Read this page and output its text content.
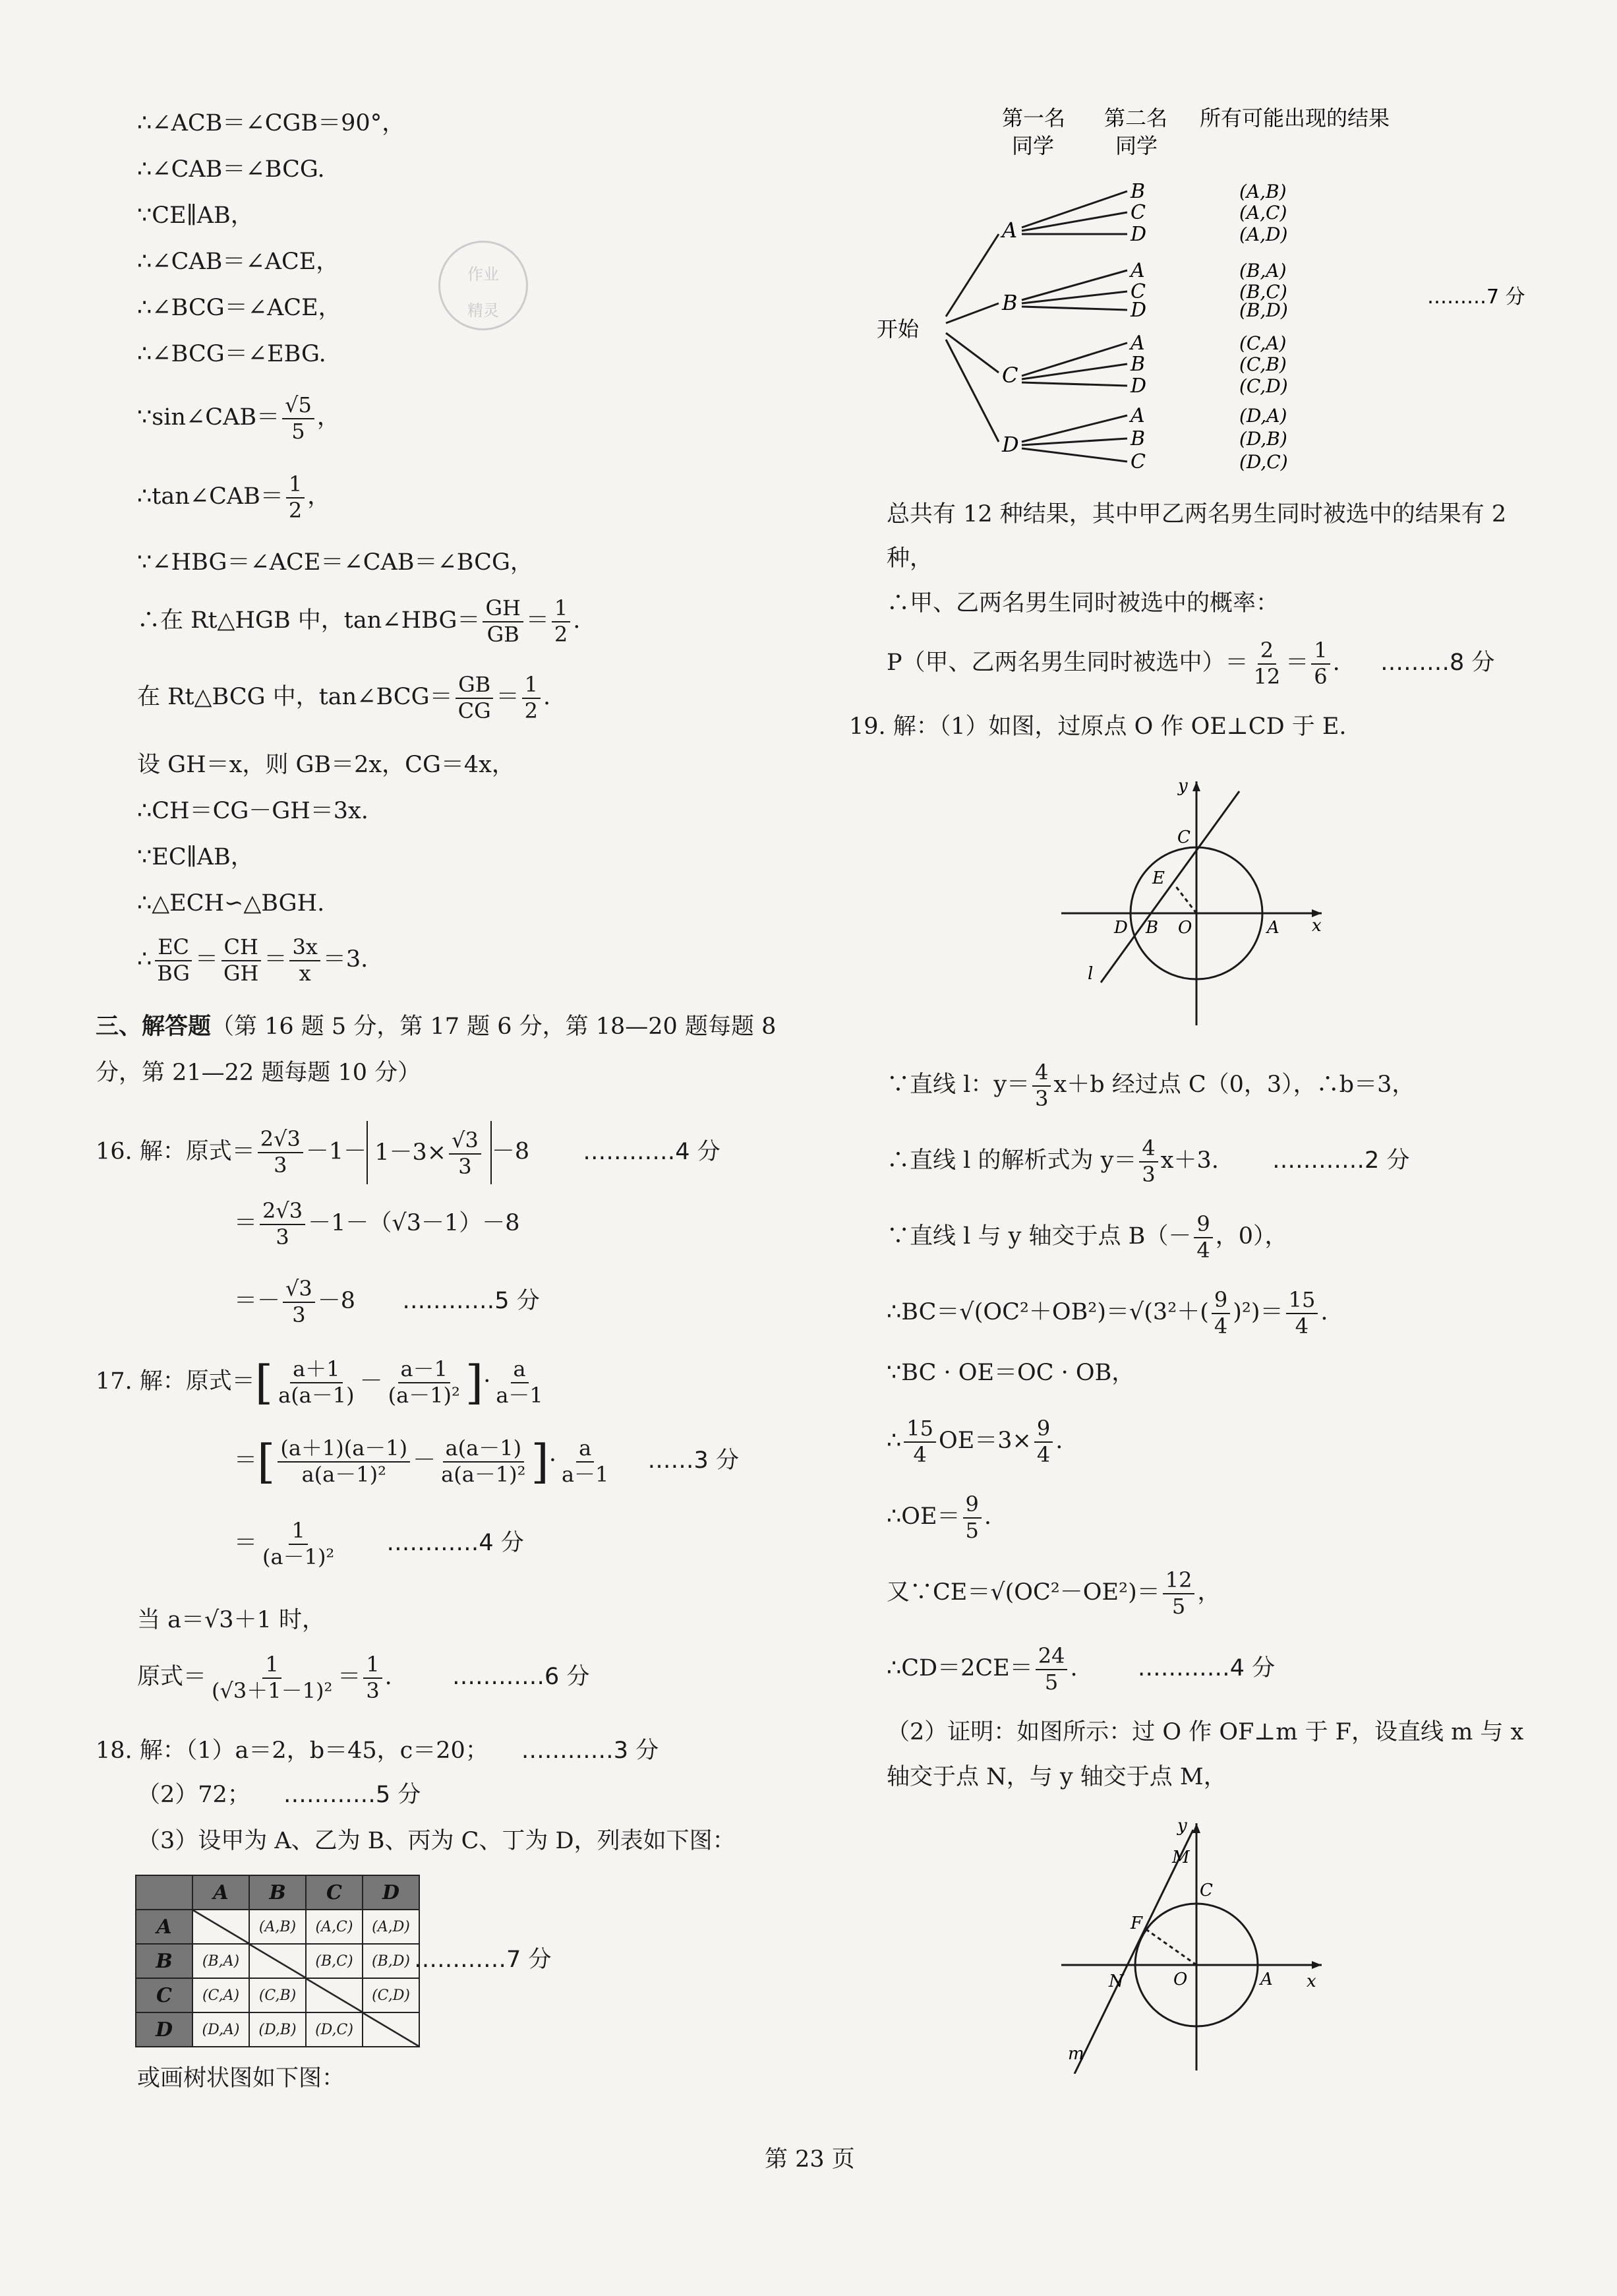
∴∠ACB＝∠CGB＝90°，
∴∠CAB＝∠BCG.
∵CE∥AB，
∴∠CAB＝∠ACE，
∴∠BCG＝∠ACE，
∴∠BCG＝∠EBG.
∵sin∠CAB＝ $\frac{√5}{5}$ ，
∴tan∠CAB＝ $\frac{1}{2}$ ，
∵∠HBG＝∠ACE＝∠CAB＝∠BCG，
∴在 Rt△HGB 中，tan∠HBG＝ $\frac{GH}{GB} = \frac{1}{2}$ .
在 Rt△BCG 中，tan∠BCG＝ $\frac{GB}{CG} = \frac{1}{2}$ .
设 GH＝x，则 GB＝2x，CG＝4x，
∴CH＝CG－GH＝3x.
∵EC∥AB，
∴△ECH∽△BGH.
∴ $\frac{EC}{BG} = \frac{CH}{GH} = \frac{3x}{x} =3$.
三、解答题（第 16 题 5 分，第 17 题 6 分，第 18—20 题每题 8
分，第 21—22 题每题 10 分）
16. 解：原式＝ $\frac{2√3}{3} -1- 1-3\times \frac{√3}{3} -8$ …………4 分
＝ $\frac{2√3}{3} -1-(√3-1)-8$
＝－ $\frac{√3}{3} -8$ …………5 分
17. 解：原式＝[ $\frac{a+1}{a(a-1)} - \frac{a-1}{\text{(a－1)²}}$ ]· $\frac{a}{a-1}$
＝[ $\frac{(a+1)(a-1)}{\text{a(a－1)²}} - \frac{a(a-1)}{\text{a(a－1)²}}$ ]· $\frac{a}{a-1}$ ……3 分
＝ $\frac{1}{\text{(a－1)²}}$ …………4 分
当 a＝√3＋1 时，
原式＝ $\frac{1}{\text{(√3＋1－1)²}} = \frac{1}{3}$ .	…………6 分
18. 解：（1）a＝2，b＝45，c＝20； …………3 分
（2）72； …………5 分
（3）设甲为 A、乙为 B、丙为 C、丁为 D，列表如下图：
	A	B	C	D
A		(A,B)	(A,C)	(A,D)
B	(B,A)		(B,C)	(B,D)
C	(C,A)	(C,B)		(C,D)
D	(D,A)	(D,B)	(D,C)	
…………7 分
或画树状图如下图：
作业
精灵
第一名
同学
第二名
同学
所有可能出现的结果
开始
A
B
C
D
B
C
D
A
C
D
A
B
D
A
B
C
(A,B)
(A,C)
(A,D)
(B,A)
(B,C)
(B,D)
(C,A)
(C,B)
(C,D)
(D,A)
(D,B)
(D,C)
………7 分
总共有 12 种结果，其中甲乙两名男生同时被选中的结果有 2
种，
∴甲、乙两名男生同时被选中的概率：
P（甲、乙两名男生同时被选中）＝ $\frac{2}{12} = \frac{1}{6}$ . ………8 分
19. 解：（1）如图，过原点 O 作 OE⊥CD 于 E.
y
x
C
E
D B O	A
l
∵直线 l：$y= \frac{4}{3} x+b$ 经过点 C（0，3），∴b＝3，
∴直线 l 的解析式为 $y= \frac{4}{3} x+3$. …………2 分
∵直线 l 与 y 轴交于点 $B(- \frac{9}{4}$ ，0），
∴BC＝√(OC²＋OB²)＝√(3²＋( $\frac{9}{4} )^2)= \frac{15}{4}$ .
∵BC · OE＝OC · OB，
∴ $\frac{15}{4} OE=3\times \frac{9}{4}$ .
∴OE＝ $\frac{9}{5}$ .
又∵CE＝√(OC²－OE²)＝ $\frac{12}{5}$ ，
∴CD＝2CE＝ $\frac{24}{5}$ .	…………4 分
（2）证明：如图所示：过 O 作 OF⊥m 于 F，设直线 m 与 x
轴交于点 N，与 y 轴交于点 M，
y
x
M
C
F
N	O	A
m
第 23 页
